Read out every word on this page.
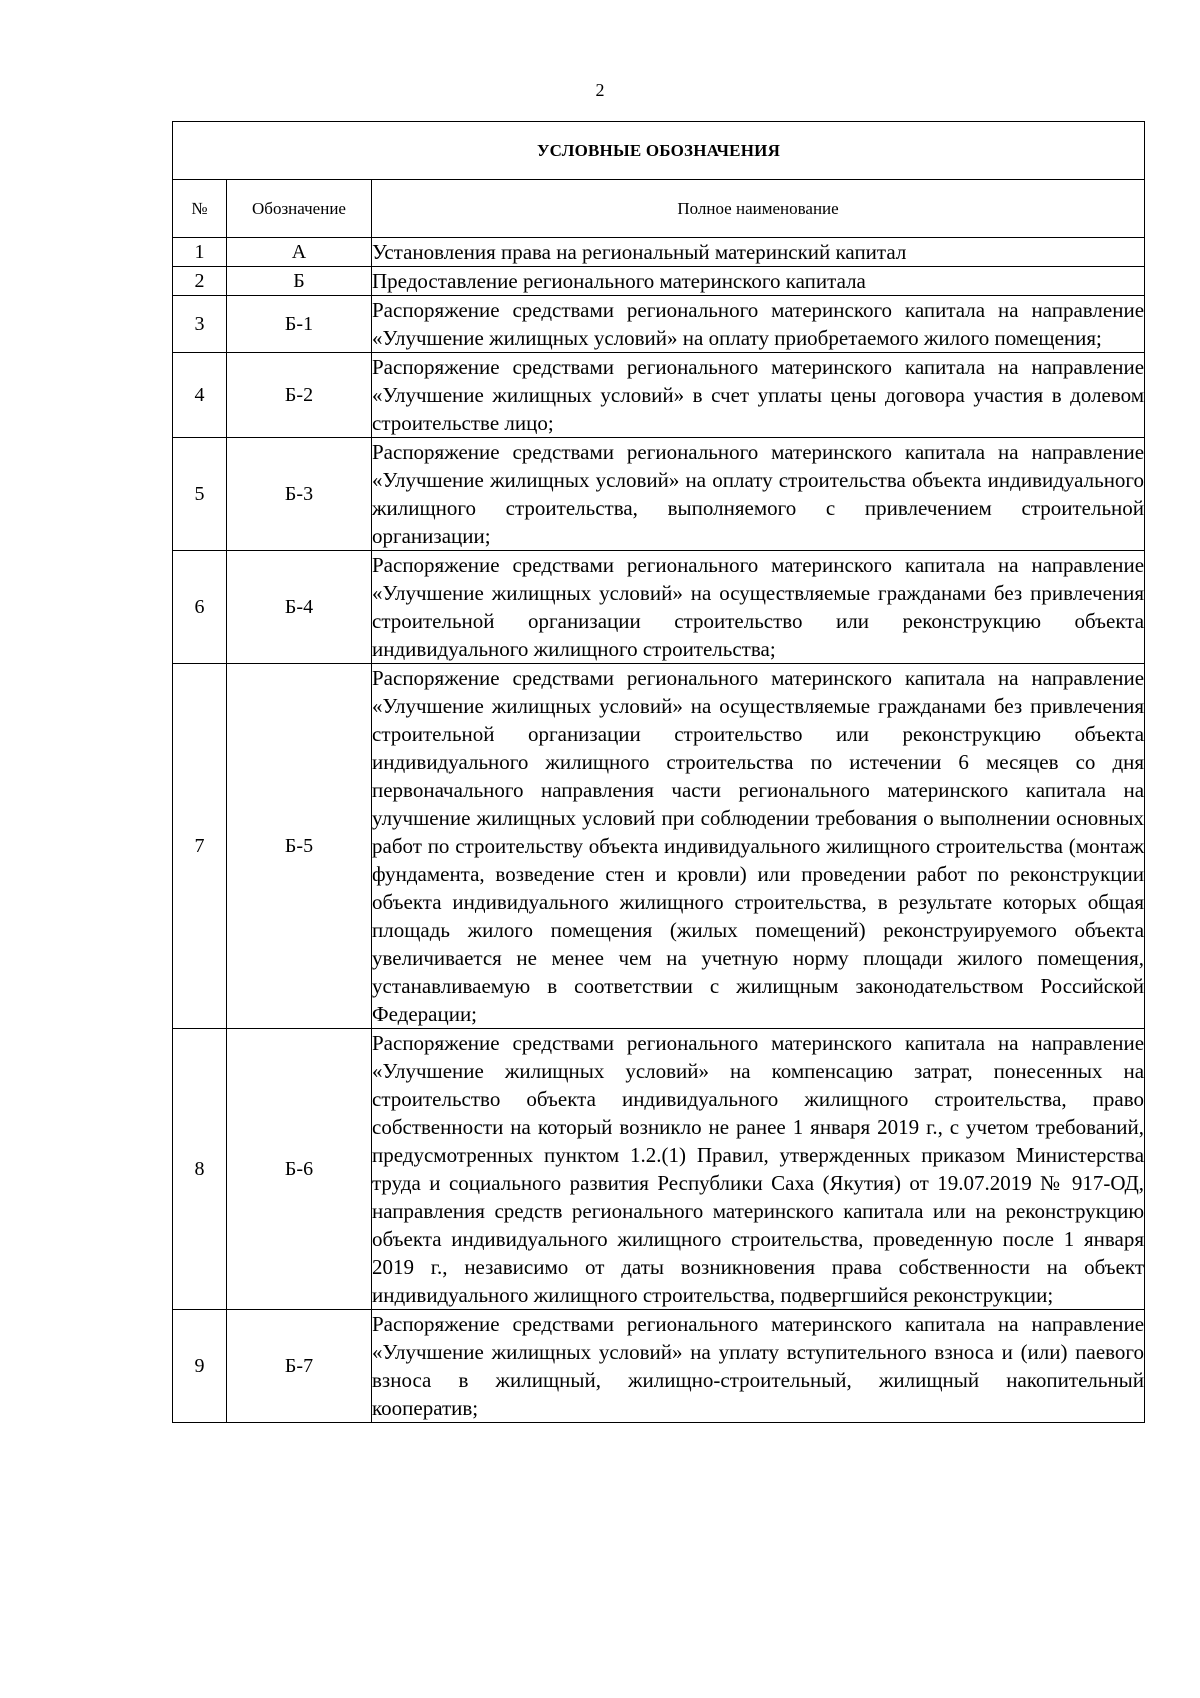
2
УСЛОВНЫЕ ОБОЗНАЧЕНИЯ		
№	Обозначение	Полное наименование
1	А	Установления права на региональный материнский капитал
2	Б	Предоставление регионального материнского капитала
3	Б-1	Распоряжение средствами регионального материнского капитала на направление «Улучшение жилищных условий» на оплату приобретаемого жилого помещения;
4	Б-2	Распоряжение средствами регионального материнского капитала на направление «Улучшение жилищных условий» в счет уплаты цены договора участия в долевом строительстве лицо;
5	Б-3	Распоряжение средствами регионального материнского капитала на направление «Улучшение жилищных условий» на оплату строительства объекта индивидуального жилищного строительства, выполняемого с привлечением строительной организации;
6	Б-4	Распоряжение средствами регионального материнского капитала на направление «Улучшение жилищных условий» на осуществляемые гражданами без привлечения строительной организации строительство или реконструкцию объекта индивидуального жилищного строительства;
7	Б-5	Распоряжение средствами регионального материнского капитала на направление «Улучшение жилищных условий» на осуществляемые гражданами без привлечения строительной организации строительство или реконструкцию объекта индивидуального жилищного строительства по истечении 6 месяцев со дня первоначального направления части регионального материнского капитала на улучшение жилищных условий при соблюдении требования о выполнении основных работ по строительству объекта индивидуального жилищного строительства (монтаж фундамента, возведение стен и кровли) или проведении работ по реконструкции объекта индивидуального жилищного строительства, в результате которых общая площадь жилого помещения (жилых помещений) реконструируемого объекта увеличивается не менее чем на учетную норму площади жилого помещения, устанавливаемую в соответствии с жилищным законодательством Российской Федерации;
8	Б-6	Распоряжение средствами регионального материнского капитала на направление «Улучшение жилищных условий» на компенсацию затрат, понесенных на строительство объекта индивидуального жилищного строительства, право собственности на который возникло не ранее 1 января 2019 г., с учетом требований, предусмотренных пунктом 1.2.(1) Правил, утвержденных приказом Министерства труда и социального развития Республики Саха (Якутия) от 19.07.2019 № 917-ОД, направления средств регионального материнского капитала или на реконструкцию объекта индивидуального жилищного строительства, проведенную после 1 января 2019 г., независимо от даты возникновения права собственности на объект индивидуального жилищного строительства, подвергшийся реконструкции;
9	Б-7	Распоряжение средствами регионального материнского капитала на направление «Улучшение жилищных условий» на уплату вступительного взноса и (или) паевого взноса в жилищный, жилищно-строительный, жилищный накопительный кооператив;
